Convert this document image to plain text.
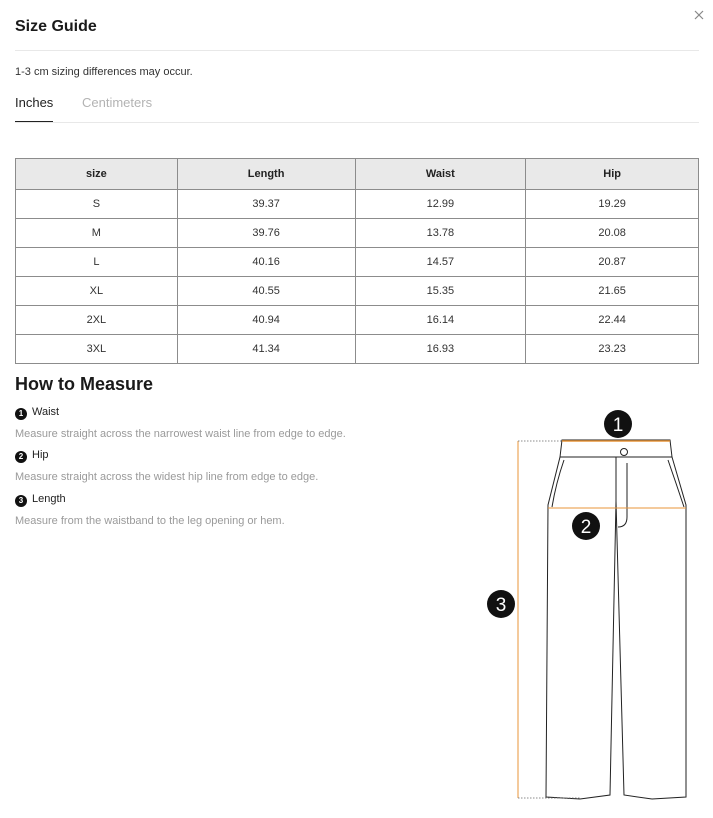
Size Guide
1-3 cm sizing differences may occur.
Inches Centimeters
size	Length	Waist	Hip
S	39.37	12.99	19.29
M	39.76	13.78	20.08
L	40.16	14.57	20.87
XL	40.55	15.35	21.65
2XL	40.94	16.14	22.44
3XL	41.34	16.93	23.23
How to Measure
1 Waist
Measure straight across the narrowest waist line from edge to edge.
2 Hip
Measure straight across the widest hip line from edge to edge.
3 Length
Measure from the waistband to the leg opening or hem.
1
2
3
